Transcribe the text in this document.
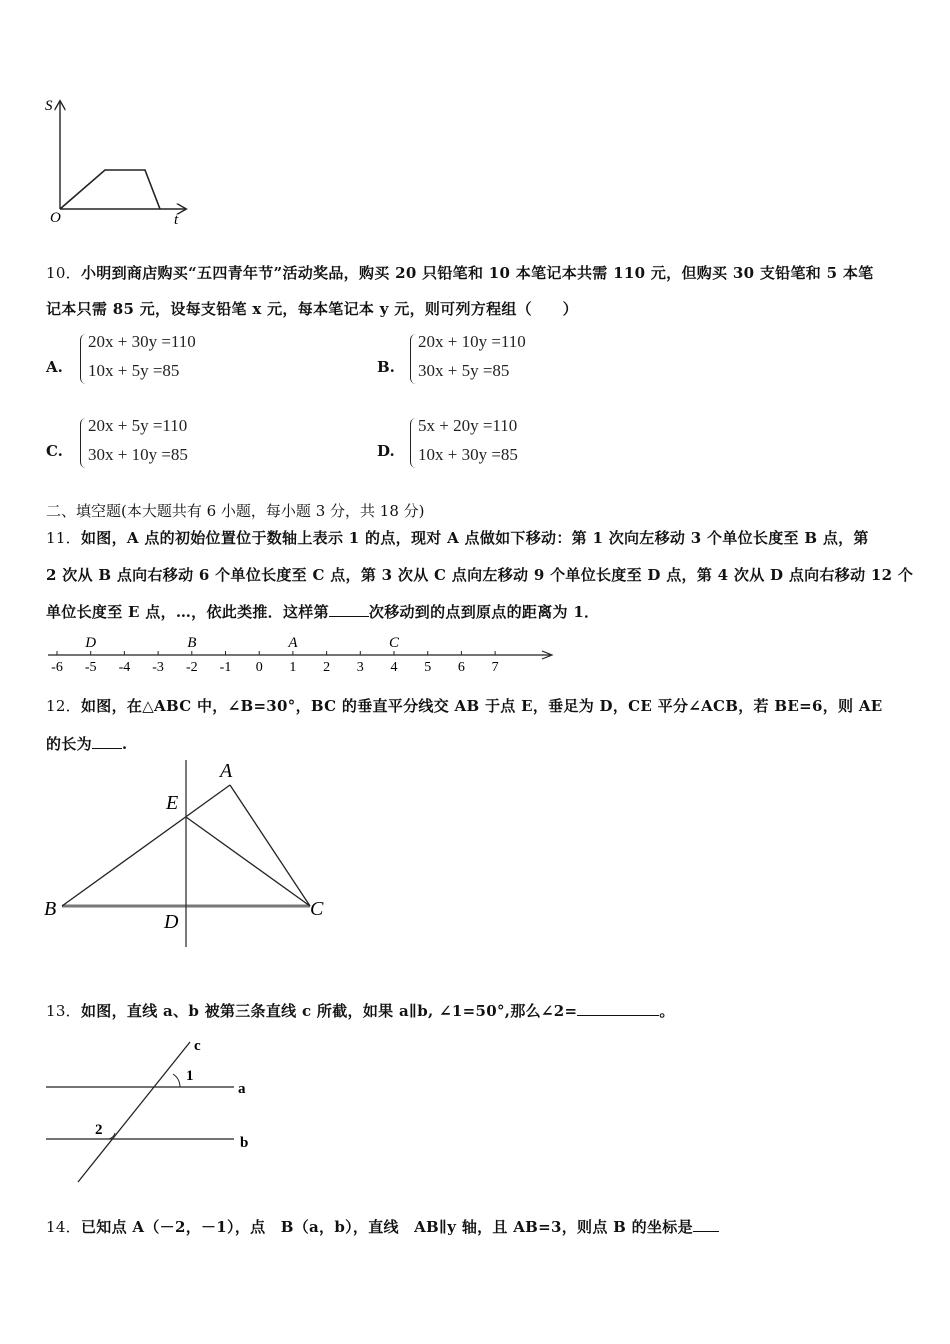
S
t
O
10．小明到商店购买“五四青年节”活动奖品，购买 20 只铅笔和 10 本笔记本共需 110 元，但购买 30 支铅笔和 5 本笔
记本只需 85 元，设每支铅笔 x 元，每本笔记本 y 元，则可列方程组（　　）
A.
20x + 30y =110
10x + 5y =85	B.
20x + 10y =110
30x + 5y =85
C.
20x + 5y =110
30x + 10y =85	D.
5x + 20y =110
10x + 30y =85
二、填空题(本大题共有 6 小题，每小题 3 分，共 18 分)
11．如图，A 点的初始位置位于数轴上表示 1 的点，现对 A 点做如下移动：第 1 次向左移动 3 个单位长度至 B 点，第
2 次从 B 点向右移动 6 个单位长度至 C 点，第 3 次从 C 点向左移动 9 个单位长度至 D 点，第 4 次从 D 点向右移动 12 个
单位长度至 E 点，…，依此类推．这样第	次移动到的点到原点的距离为 1．
-6 -5 -4 -3 -2 -1 0 1 2 3 4 5 6 7
D	B	A	C
12．如图，在△ABC 中，∠B=30°，BC 的垂直平分线交 AB 于点 E，垂足为 D，CE 平分∠ACB，若 BE=6，则 AE
的长为 .
A
E
B	C
D
13．如图，直线 a、b 被第三条直线 c 所截，如果 a∥b, ∠1=50°,那么∠2=	。
c
1
a
2
b
14．已知点 A（－2，－1），点　B（a，b），直线　AB∥y 轴，且 AB=3，则点 B 的坐标是
